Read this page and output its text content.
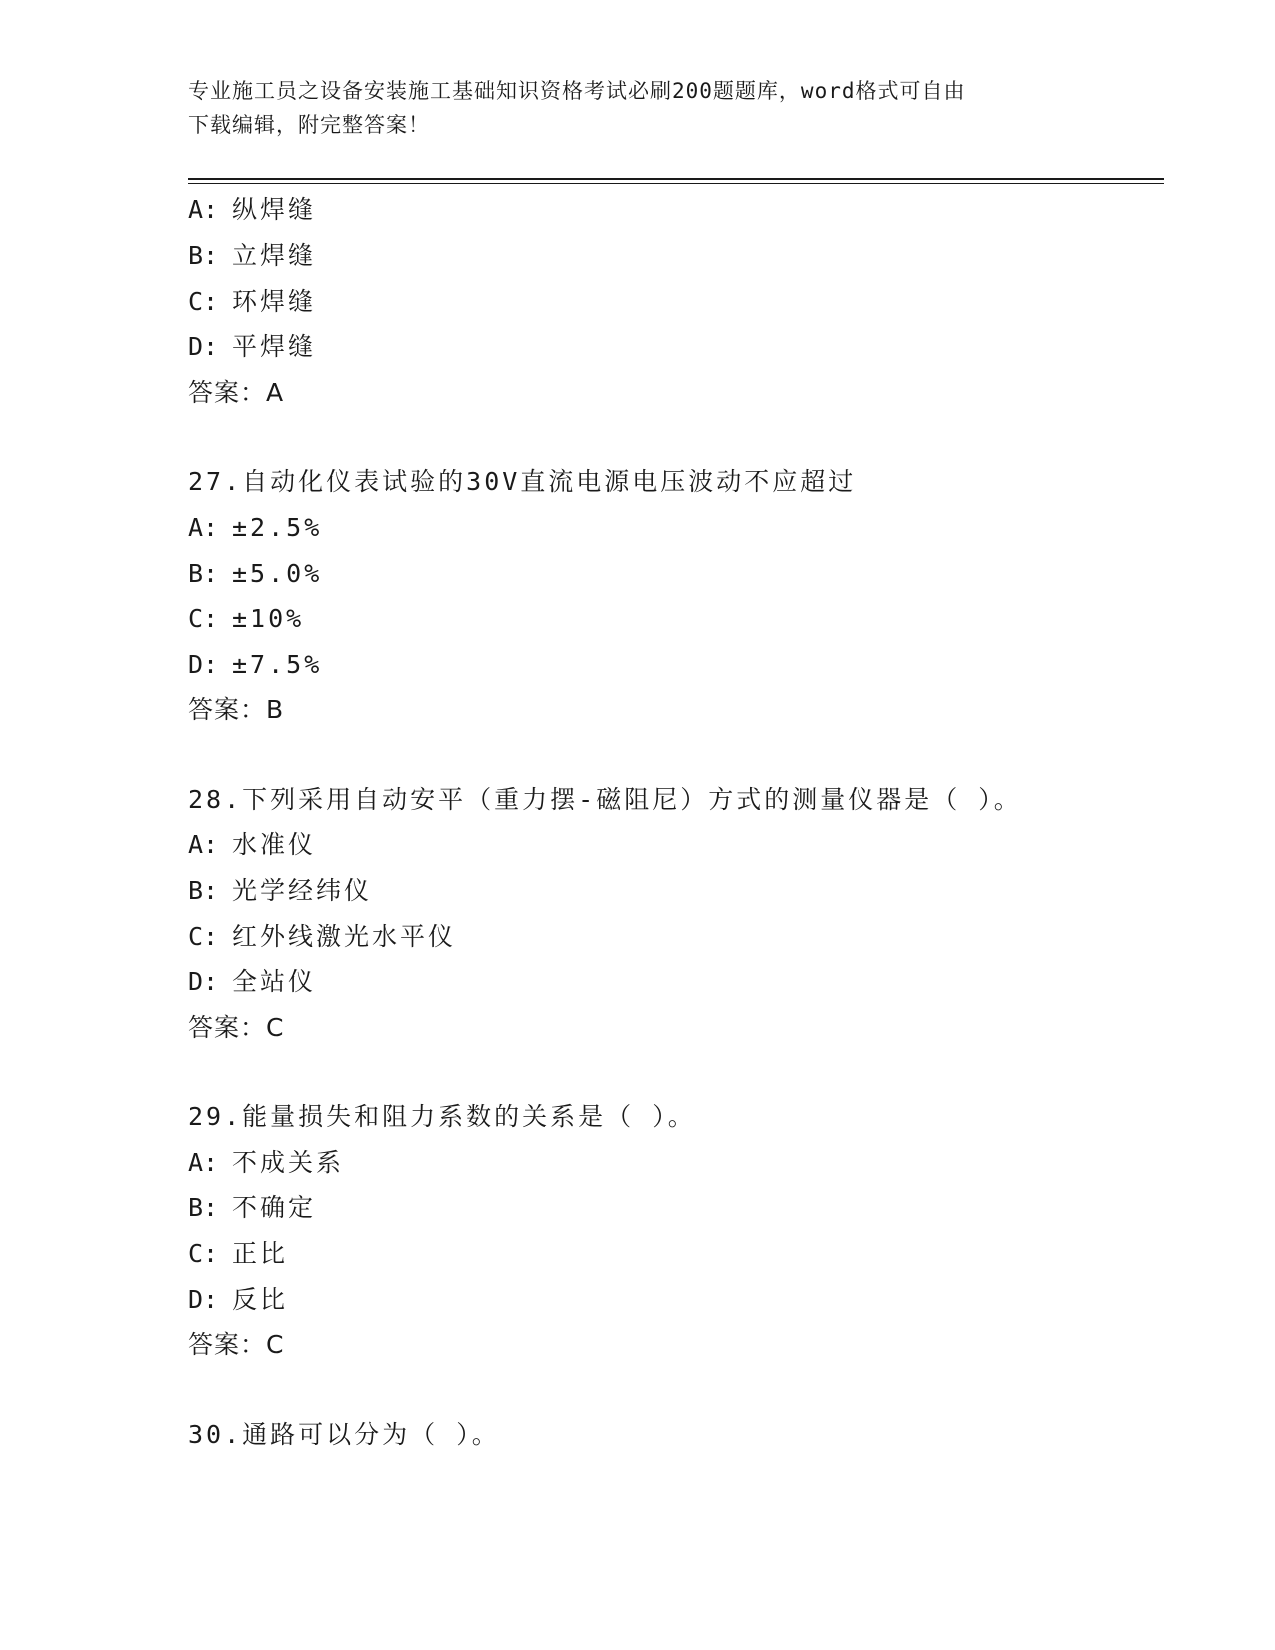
专业施工员之设备安装施工基础知识资格考试必刷200题题库，word格式可自由
下载编辑，附完整答案！
A: 纵焊缝
B: 立焊缝
C: 环焊缝
D: 平焊缝
答案：A
27.自动化仪表试验的30V直流电源电压波动不应超过
A: ±2.5%
B: ±5.0%
C: ±10%
D: ±7.5%
答案：B
28.下列采用自动安平（重力摆-磁阻尼）方式的测量仪器是（ ）。
A: 水准仪
B: 光学经纬仪
C: 红外线激光水平仪
D: 全站仪
答案：C
29.能量损失和阻力系数的关系是（ ）。
A: 不成关系
B: 不确定
C: 正比
D: 反比
答案：C
30.通路可以分为（ ）。
